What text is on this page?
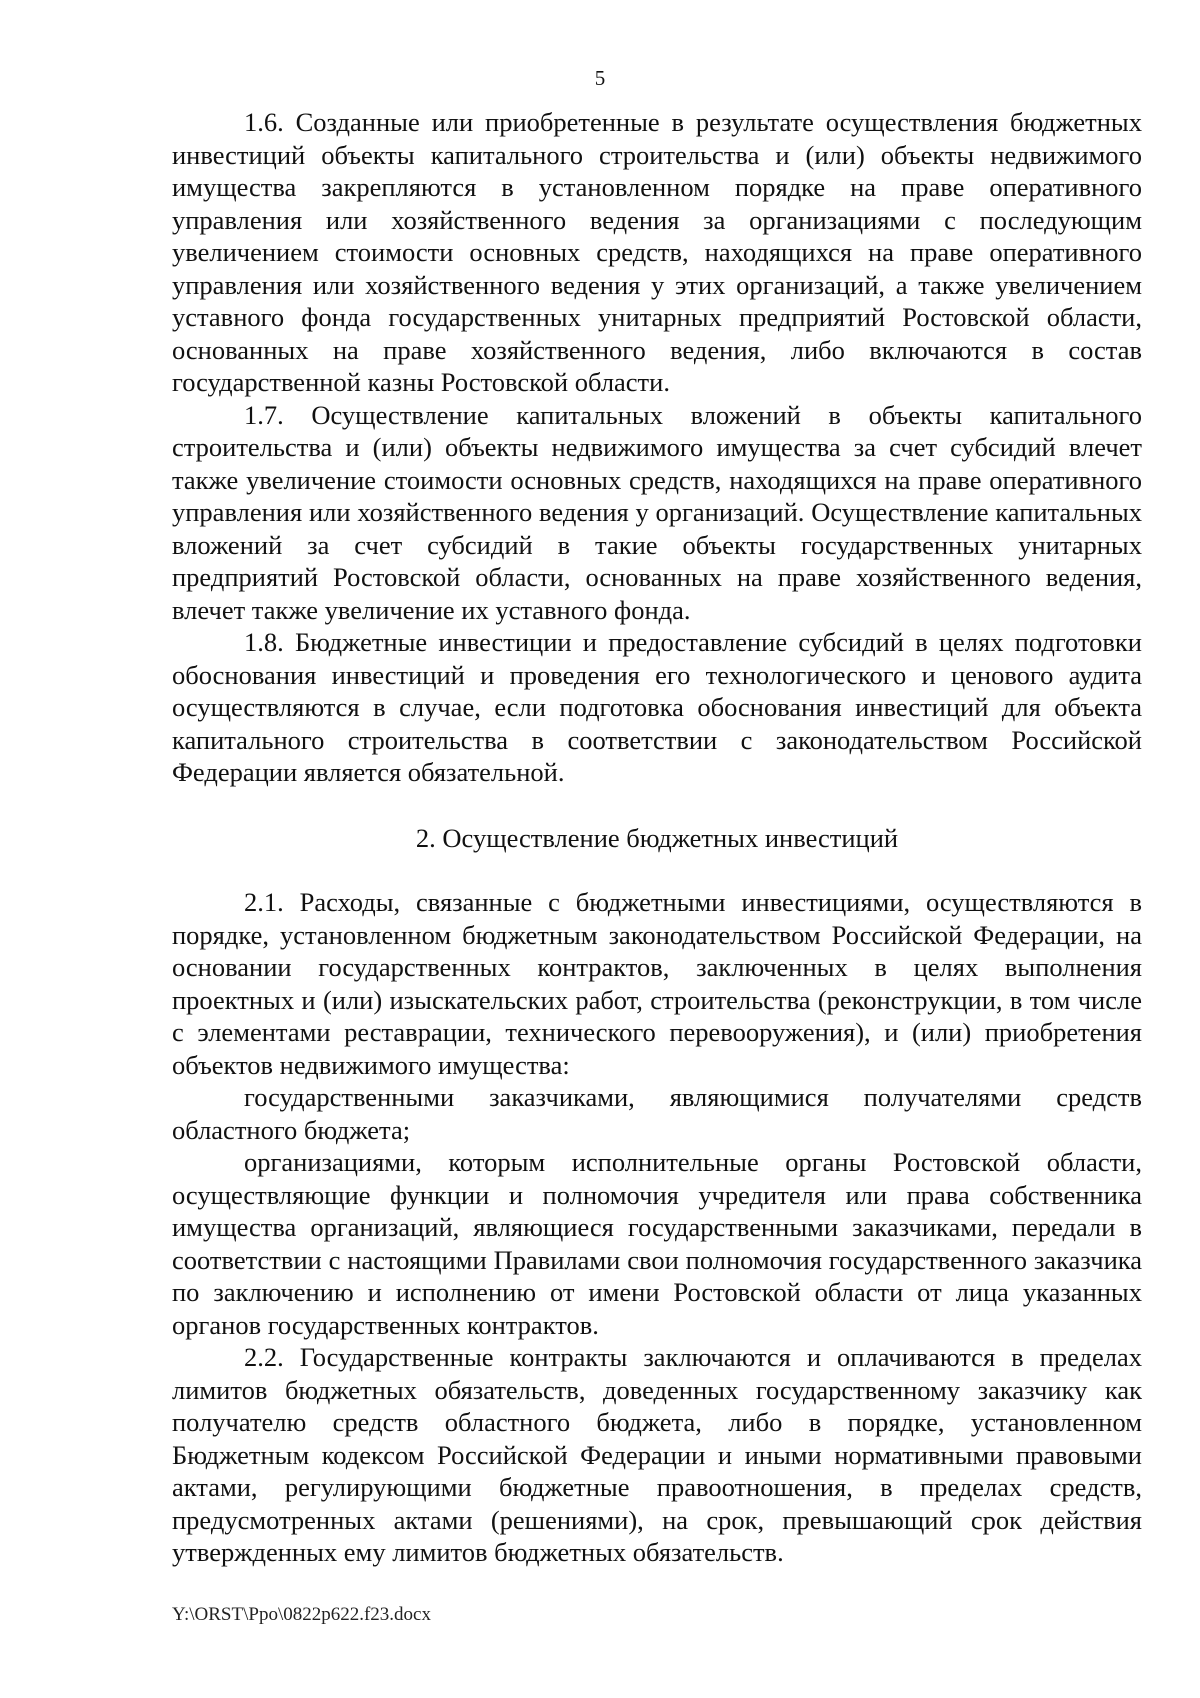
5

1.6. Созданные или приобретенные в результате осуществления бюджетных инвестиций объекты капитального строительства и (или) объекты недвижимого имущества закрепляются в установленном порядке на праве оперативного управления или хозяйственного ведения за организациями с последующим увеличением стоимости основных средств, находящихся на праве оперативного управления или хозяйственного ведения у этих организаций, а также увеличением уставного фонда государственных унитарных предприятий Ростовской области, основанных на праве хозяйственного ведения, либо включаются в состав государственной казны Ростовской области.

1.7. Осуществление капитальных вложений в объекты капитального строительства и (или) объекты недвижимого имущества за счет субсидий влечет также увеличение стоимости основных средств, находящихся на праве оперативного управления или хозяйственного ведения у организаций. Осуществление капитальных вложений за счет субсидий в такие объекты государственных унитарных предприятий Ростовской области, основанных на праве хозяйственного ведения, влечет также увеличение их уставного фонда.

1.8. Бюджетные инвестиции и предоставление субсидий в целях подготовки обоснования инвестиций и проведения его технологического и ценового аудита осуществляются в случае, если подготовка обоснования инвестиций для объекта капитального строительства в соответствии с законодательством Российской Федерации является обязательной.

2. Осуществление бюджетных инвестиций

2.1. Расходы, связанные с бюджетными инвестициями, осуществляются в порядке, установленном бюджетным законодательством Российской Федерации, на основании государственных контрактов, заключенных в целях выполнения проектных и (или) изыскательских работ, строительства (реконструкции, в том числе с элементами реставрации, технического перевооружения), и (или) приобретения объектов недвижимого имущества:

государственными заказчиками, являющимися получателями средств областного бюджета;

организациями, которым исполнительные органы Ростовской области, осуществляющие функции и полномочия учредителя или права собственника имущества организаций, являющиеся государственными заказчиками, передали в соответствии с настоящими Правилами свои полномочия государственного заказчика по заключению и исполнению от имени Ростовской области от лица указанных органов государственных контрактов.

2.2. Государственные контракты заключаются и оплачиваются в пределах лимитов бюджетных обязательств, доведенных государственному заказчику как получателю средств областного бюджета, либо в порядке, установленном Бюджетным кодексом Российской Федерации и иными нормативными правовыми актами, регулирующими бюджетные правоотношения, в пределах средств, предусмотренных актами (решениями), на срок, превышающий срок действия утвержденных ему лимитов бюджетных обязательств.

Y:\ORST\Ppo\0822p622.f23.docx
